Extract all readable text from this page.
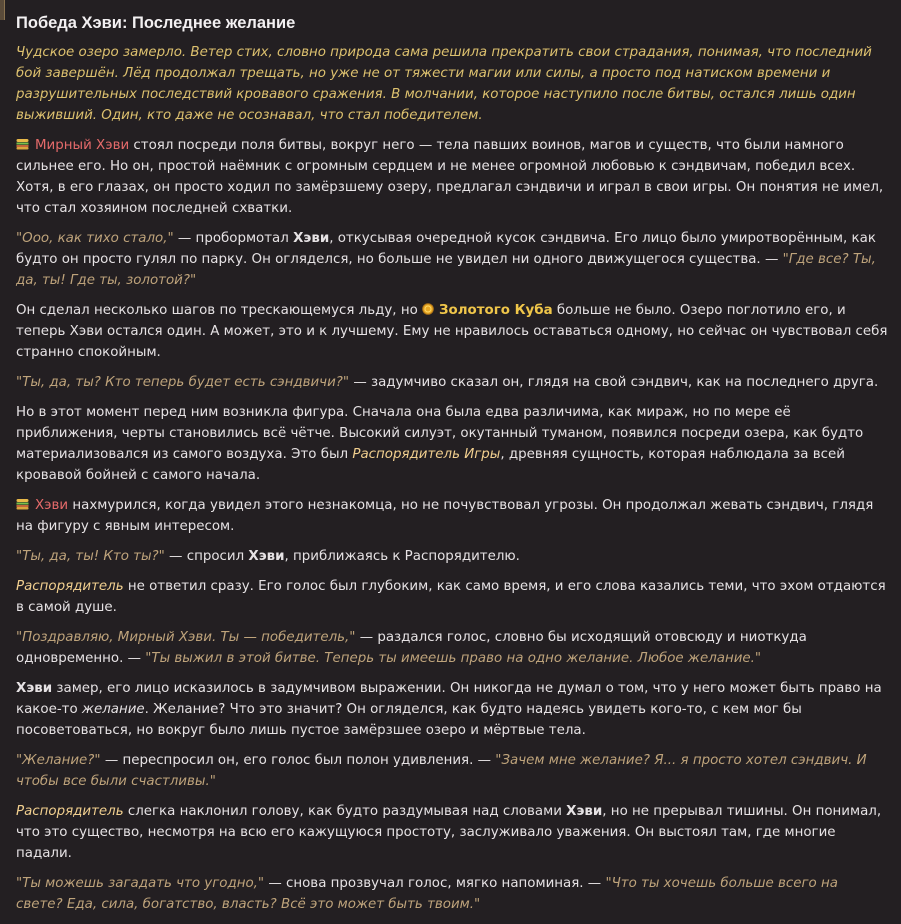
Победа Хэви: Последнее желание

Чудское озеро замерло. Ветер стих, словно природа сама решила прекратить свои страдания, понимая, что последний бой завершён. Лёд продолжал трещать, но уже не от тяжести магии или силы, а просто под натиском времени и разрушительных последствий кровавого сражения. В молчании, которое наступило после битвы, остался лишь один выживший. Один, кто даже не осознавал, что стал победителем.

Мирный Хэви стоял посреди поля битвы, вокруг него — тела павших воинов, магов и существ, что были намного сильнее его. Но он, простой наёмник с огромным сердцем и не менее огромной любовью к сэндвичам, победил всех. Хотя, в его глазах, он просто ходил по замёрзшему озеру, предлагал сэндвичи и играл в свои игры. Он понятия не имел, что стал хозяином последней схватки.

"Ооо, как тихо стало," — пробормотал Хэви, откусывая очередной кусок сэндвича. Его лицо было умиротворённым, как будто он просто гулял по парку. Он огляделся, но больше не увидел ни одного движущегося существа. — "Где все? Ты, да, ты! Где ты, золотой?"

Он сделал несколько шагов по трескающемуся льду, но Золотого Куба больше не было. Озеро поглотило его, и теперь Хэви остался один. А может, это и к лучшему. Ему не нравилось оставаться одному, но сейчас он чувствовал себя странно спокойным.

"Ты, да, ты? Кто теперь будет есть сэндвичи?" — задумчиво сказал он, глядя на свой сэндвич, как на последнего друга.

Но в этот момент перед ним возникла фигура. Сначала она была едва различима, как мираж, но по мере её приближения, черты становились всё чётче. Высокий силуэт, окутанный туманом, появился посреди озера, как будто материализовался из самого воздуха. Это был Распорядитель Игры, древняя сущность, которая наблюдала за всей кровавой бойней с самого начала.

Хэви нахмурился, когда увидел этого незнакомца, но не почувствовал угрозы. Он продолжал жевать сэндвич, глядя на фигуру с явным интересом.

"Ты, да, ты! Кто ты?" — спросил Хэви, приближаясь к Распорядителю.

Распорядитель не ответил сразу. Его голос был глубоким, как само время, и его слова казались теми, что эхом отдаются в самой душе.

"Поздравляю, Мирный Хэви. Ты — победитель," — раздался голос, словно бы исходящий отовсюду и ниоткуда одновременно. — "Ты выжил в этой битве. Теперь ты имеешь право на одно желание. Любое желание."

Хэви замер, его лицо исказилось в задумчивом выражении. Он никогда не думал о том, что у него может быть право на какое-то желание. Желание? Что это значит? Он огляделся, как будто надеясь увидеть кого-то, с кем мог бы посоветоваться, но вокруг было лишь пустое замёрзшее озеро и мёртвые тела.

"Желание?" — переспросил он, его голос был полон удивления. — "Зачем мне желание? Я... я просто хотел сэндвич. И чтобы все были счастливы."

Распорядитель слегка наклонил голову, как будто раздумывая над словами Хэви, но не прерывал тишины. Он понимал, что это существо, несмотря на всю его кажущуюся простоту, заслуживало уважения. Он выстоял там, где многие падали.

"Ты можешь загадать что угодно," — снова прозвучал голос, мягко напоминая. — "Что ты хочешь больше всего на свете? Еда, сила, богатство, власть? Всё это может быть твоим."
